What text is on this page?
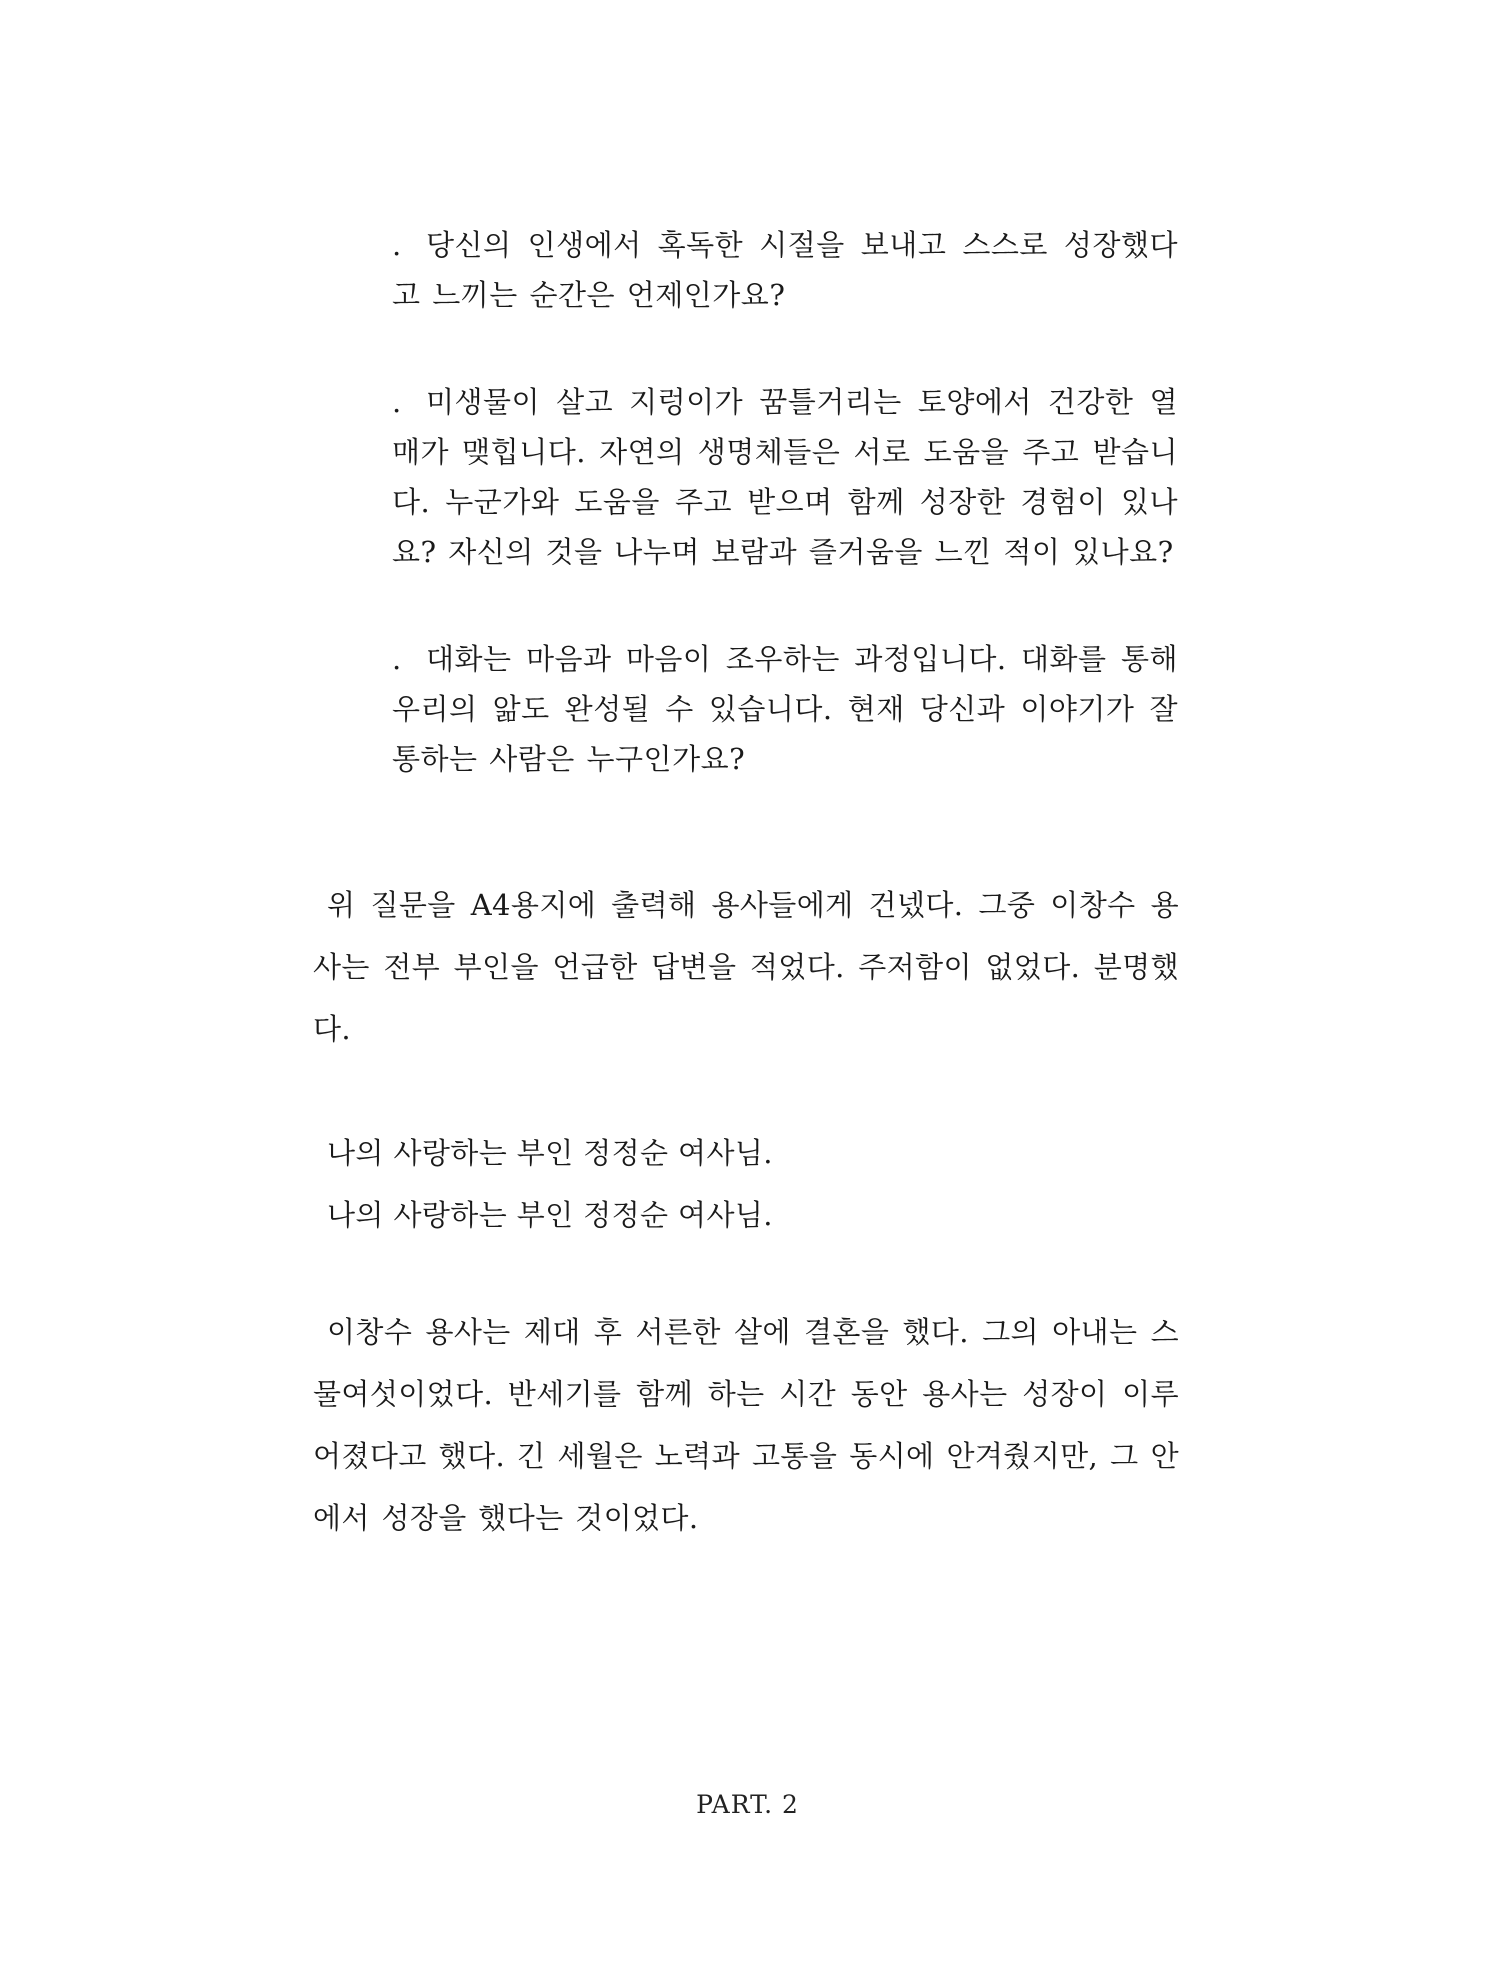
. 당신의 인생에서 혹독한 시절을 보내고 스스로 성장했다고 느끼는 순간은 언제인가요?

. 미생물이 살고 지렁이가 꿈틀거리는 토양에서 건강한 열매가 맺힙니다. 자연의 생명체들은 서로 도움을 주고 받습니다. 누군가와 도움을 주고 받으며 함께 성장한 경험이 있나요? 자신의 것을 나누며 보람과 즐거움을 느낀 적이 있나요?

. 대화는 마음과 마음이 조우하는 과정입니다. 대화를 통해 우리의 앎도 완성될 수 있습니다. 현재 당신과 이야기가 잘 통하는 사람은 누구인가요?

위 질문을 A4용지에 출력해 용사들에게 건넸다. 그중 이창수 용사는 전부 부인을 언급한 답변을 적었다. 주저함이 없었다. 분명했다.

나의 사랑하는 부인 정정순 여사님.

나의 사랑하는 부인 정정순 여사님.

이창수 용사는 제대 후 서른한 살에 결혼을 했다. 그의 아내는 스물여섯이었다. 반세기를 함께 하는 시간 동안 용사는 성장이 이루어졌다고 했다. 긴 세월은 노력과 고통을 동시에 안겨줬지만, 그 안에서 성장을 했다는 것이었다.

PART. 2
